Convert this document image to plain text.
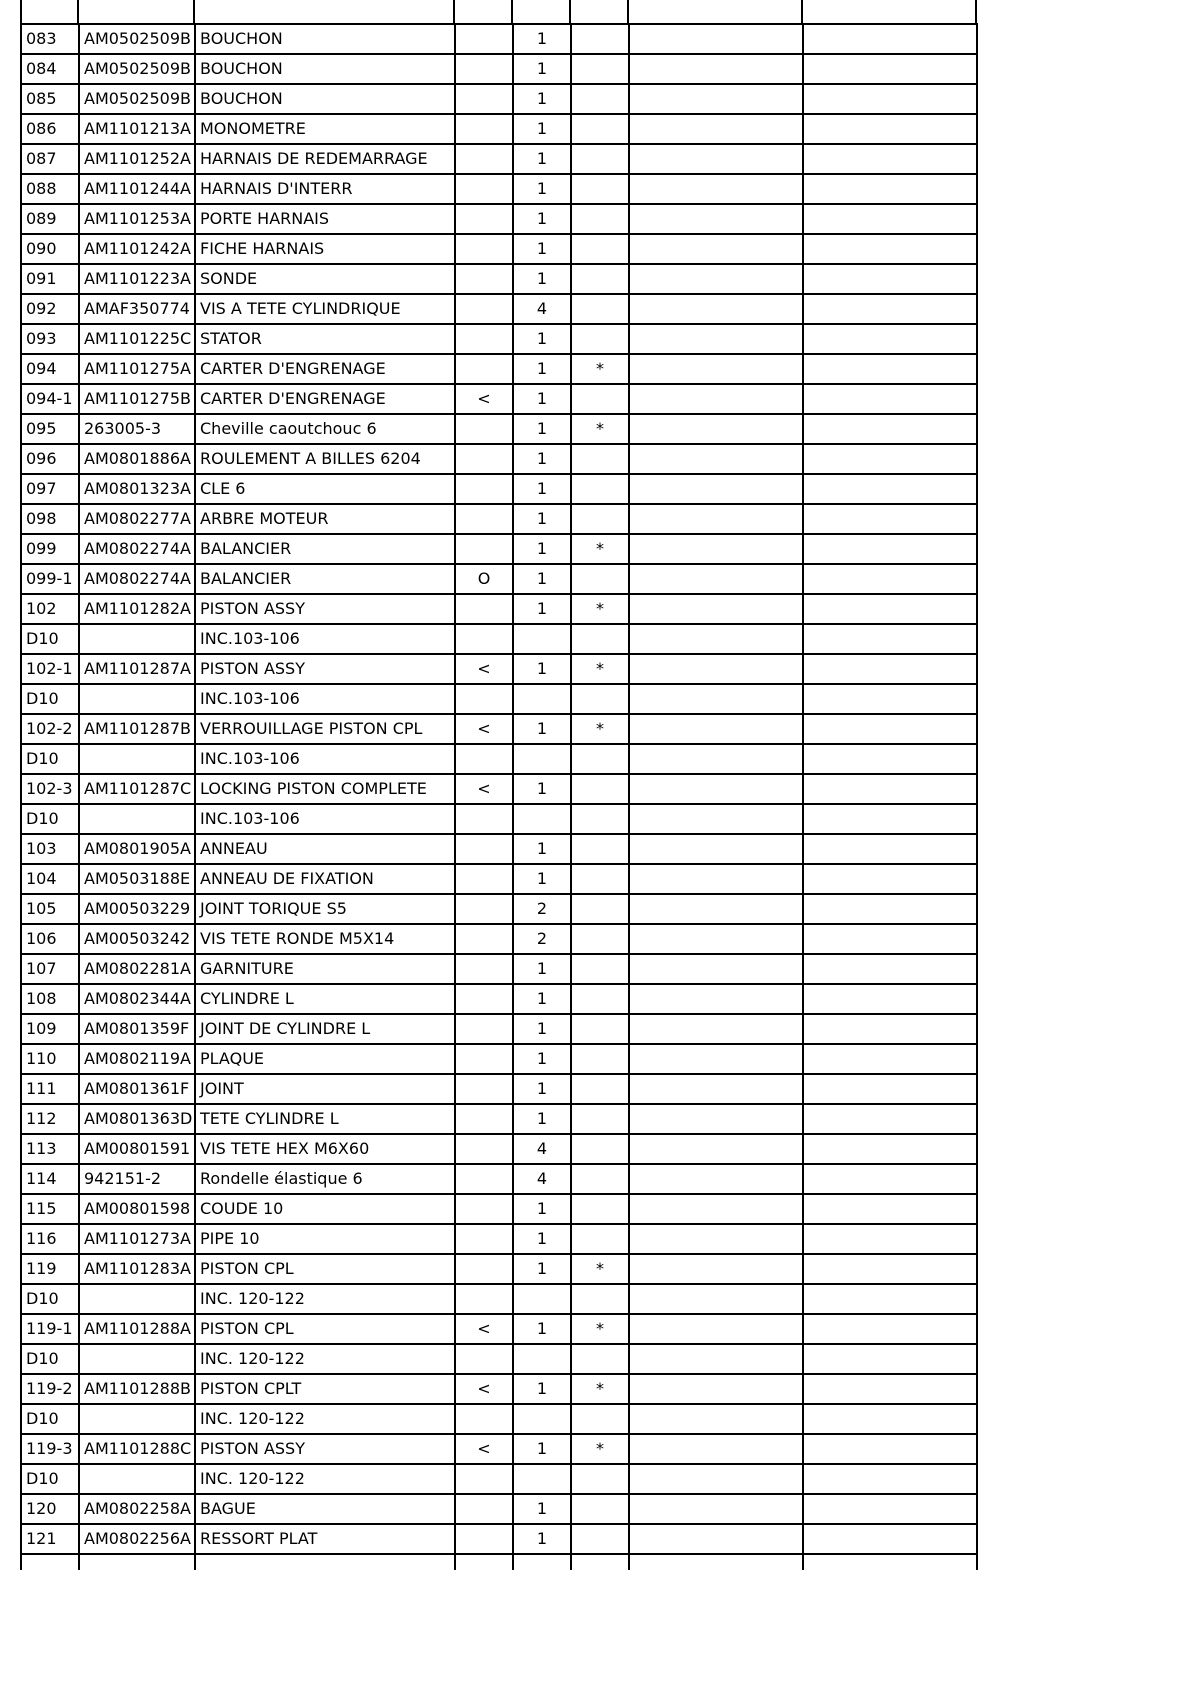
083	AM0502509B	BOUCHON		1			
084	AM0502509B	BOUCHON		1			
085	AM0502509B	BOUCHON		1			
086	AM1101213A	MONOMETRE		1			
087	AM1101252A	HARNAIS DE REDEMARRAGE		1			
088	AM1101244A	HARNAIS D'INTERR		1			
089	AM1101253A	PORTE HARNAIS		1			
090	AM1101242A	FICHE HARNAIS		1			
091	AM1101223A	SONDE		1			
092	AMAF350774	VIS A TETE CYLINDRIQUE		4			
093	AM1101225C	STATOR		1			
094	AM1101275A	CARTER D'ENGRENAGE		1	*		
094-1	AM1101275B	CARTER D'ENGRENAGE	<	1			
095	263005-3	Cheville caoutchouc 6		1	*		
096	AM0801886A	ROULEMENT A BILLES 6204		1			
097	AM0801323A	CLE 6		1			
098	AM0802277A	ARBRE MOTEUR		1			
099	AM0802274A	BALANCIER		1	*		
099-1	AM0802274A	BALANCIER	O	1			
102	AM1101282A	PISTON ASSY		1	*		
D10		INC.103-106					
102-1	AM1101287A	PISTON ASSY	<	1	*		
D10		INC.103-106					
102-2	AM1101287B	VERROUILLAGE PISTON CPL	<	1	*		
D10		INC.103-106					
102-3	AM1101287C	LOCKING PISTON COMPLETE	<	1			
D10		INC.103-106					
103	AM0801905A	ANNEAU		1			
104	AM0503188E	ANNEAU DE FIXATION		1			
105	AM00503229	JOINT TORIQUE S5		2			
106	AM00503242	VIS TETE RONDE M5X14		2			
107	AM0802281A	GARNITURE		1			
108	AM0802344A	CYLINDRE L		1			
109	AM0801359F	JOINT DE CYLINDRE L		1			
110	AM0802119A	PLAQUE		1			
111	AM0801361F	JOINT		1			
112	AM0801363D	TETE CYLINDRE L		1			
113	AM00801591	VIS TETE HEX M6X60		4			
114	942151-2	Rondelle élastique 6		4			
115	AM00801598	COUDE 10		1			
116	AM1101273A	PIPE 10		1			
119	AM1101283A	PISTON CPL		1	*		
D10		INC. 120-122					
119-1	AM1101288A	PISTON CPL	<	1	*		
D10		INC. 120-122					
119-2	AM1101288B	PISTON CPLT	<	1	*		
D10		INC. 120-122					
119-3	AM1101288C	PISTON ASSY	<	1	*		
D10		INC. 120-122					
120	AM0802258A	BAGUE		1			
121	AM0802256A	RESSORT PLAT		1			
